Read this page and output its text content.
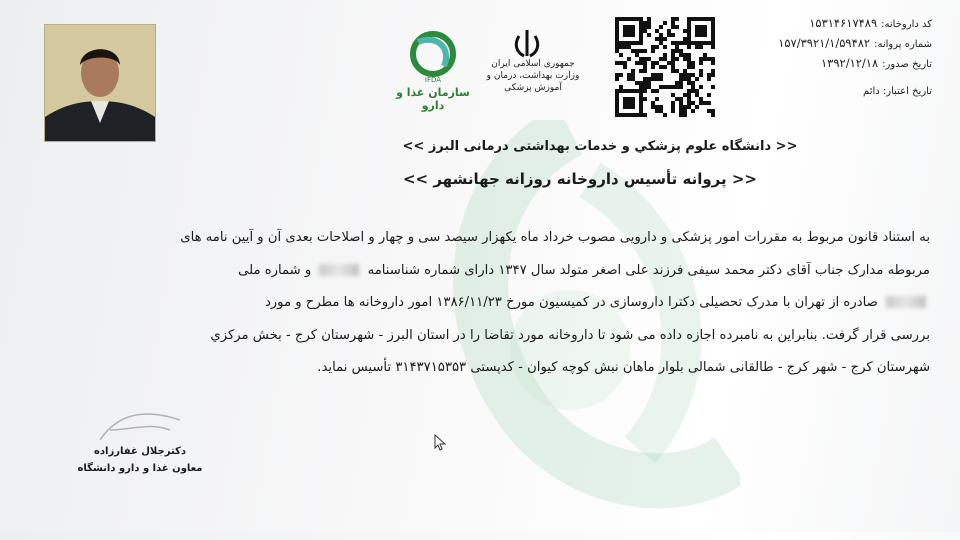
IFDA
سازمان غذا و دارو
جمهوری اسلامی ایران وزارت بهداشت، درمان و آموزش پزشکی
کد داروخانه:۱۵۳۱۴۶۱۷۴۸۹
شماره پروانه:۱۵۷/۳۹۲۱/۱/۵۹۴۸۲
تاریخ صدور:۱۳۹۲/۱۲/۱۸
تاریخ اعتبار: دائم
<< دانشگاه علوم پزشکي و خدمات بهداشتی درمانی البرز >>
<< پروانه تأسیس داروخانه روزانه جهانشهر >>
به استناد قانون مربوط به مقررات امور پزشکی و دارویی مصوب خرداد ماه یکهزار سیصد سی و چهار و اصلاحات بعدی آن و آیین نامه های
مربوطه مدارک جناب آقای دکتر محمد سیفی فرزند علی اصغر متولد سال ۱۳۴۷ دارای شماره شناسنامه  و شماره ملی
صادره از تهران با مدرک تحصیلی دکترا داروسازی در کمیسیون مورخ ۱۳۸۶/۱۱/۲۳ امور داروخانه ها مطرح و مورد
بررسی قرار گرفت. بنابراین به نامبرده اجازه داده می شود تا داروخانه مورد تقاضا را در استان البرز - شهرستان کرج - بخش مرکزي
شهرستان کرج - شهر کرج - طالقانی شمالی بلوار ماهان نبش کوچه کیوان - کدپستی ۳۱۴۳۷۱۵۳۵۳ تأسیس نماید.
دکترجلال غفارزاده
معاون غذا و دارو دانشگاه
